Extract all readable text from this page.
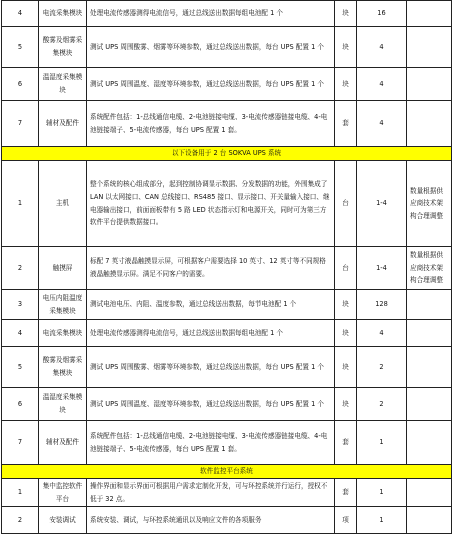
4	电流采集模块	处理电流传感器测得电流信号，通过总线送出数据每组电池配 1 个	块	16	
5	酸雾及烟雾采集模块	测试 UPS 周围酸雾、烟雾等环境参数，通过总线送出数据，每台 UPS 配置 1 个	块	4	
6	温湿度采集模块	测试 UPS 周围温度、湿度等环境参数，通过总线送出数据，每台 UPS 配置 1 个	块	4	
7	辅材及配件	系统配件包括：1-总线通信电缆、2-电池链接电缆、3-电流传感器链接电缆、4-电池链接端子、5-电流传感器，每台 UPS 配置 1 套。	套	4	
以下设备用于 2 台 SOKVA UPS 系统					
1	主机	整个系统的核心组成部分，起到控制协调显示数据、分发数据的功能，外围集成了 LAN 以太网接口、CAN 总线接口、RS485 接口、显示接口、开关量输入接口、继电器输出接口，前面面板带有 5 路 LED 状态指示灯和电源开关，同时可为第三方软件平台提供数据接口。	台	1-4	数量根据供应商技术架构合理调整
2	触摸屏	标配 7 英寸液晶触摸显示屏，可根据客户需要选择 10 英寸、12 英寸等不同规格液晶触摸显示屏。满足不同客户的需要。	台	1-4	数量根据供应商技术架构合理调整
3	电压内阻温度采集模块	测试电池电压、内阻、温度参数，通过总线送出数据，每节电池配 1 个	块	128	
4	电流采集模块	处理电流传感器测得电流信号，通过总线送出数据每组电池配 1 个	块	4	
5	酸雾及烟雾采集模块	测试 UPS 周围酸雾、烟雾等环境参数，通过总线送出数据，每台 UPS 配置 1 个	块	2	
6	温湿度采集模块	测试 UPS 周围温度、湿度等环境参数，通过总线送出数据，每台 UPS 配置 1 个	块	2	
7	辅材及配件	系统配件包括：1-总线通信电缆、2-电池链接电缆、3-电流传感器链接电缆、4-电池链接端子、5-电流传感器，每台 UPS 配置 1 套。	套	1	
软件监控平台系统					
1	集中监控软件平台	操作界面和显示界面可根据用户需求定制化开发，可与环控系统并行运行，授权不低于 32 点。	套	1	
2	安装调试	系统安装、调试，与环控系统通讯以及响应文件的各项服务	项	1	
